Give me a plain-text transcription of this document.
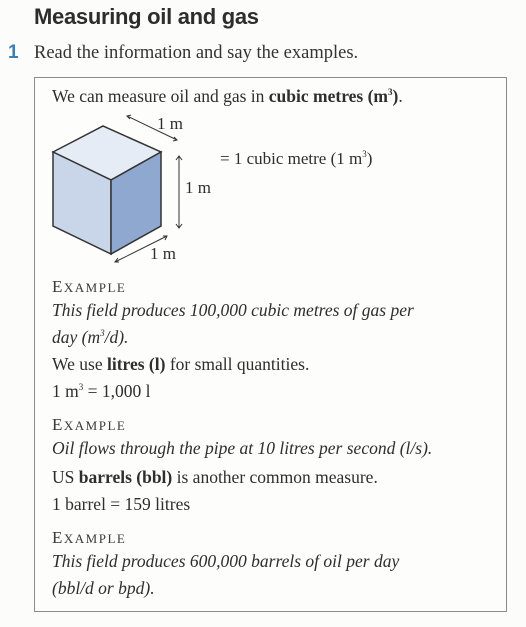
Measuring oil and gas
1 Read the information and say the examples.
We can measure oil and gas in cubic metres $(m^3)$.
1 m
1 m
1 m
= 1 cubic metre (1 $m^3$)
EXAMPLE
This field produces 100,000 cubic metres of gas per
day $(m^3/d)$.
We use litres (l) for small quantities.
1 $m^3 = 1,000$ l
EXAMPLE
Oil flows through the pipe at 10 litres per second (l/s).
US barrels (bbl) is another common measure.
1 barrel = 159 litres
EXAMPLE
This field produces 600,000 barrels of oil per day
(bbl/d or bpd).
